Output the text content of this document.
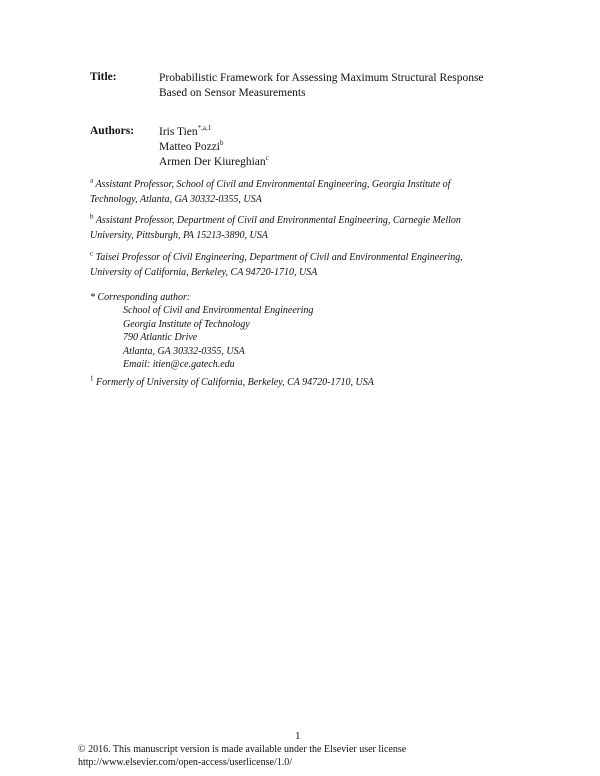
Title:	Probabilistic Framework for Assessing Maximum Structural Response
Based on Sensor Measurements
Authors: Iris Tien$^{*,a,1}$
Matteo Pozzi$^b$
Armen Der Kiureghian$^c$
$^a$ Assistant Professor, School of Civil and Environmental Engineering, Georgia Institute of
Technology, Atlanta, GA 30332-0355, USA
$^b$ Assistant Professor, Department of Civil and Environmental Engineering, Carnegie Mellon
University, Pittsburgh, PA 15213-3890, USA
$^c$ Taisei Professor of Civil Engineering, Department of Civil and Environmental Engineering,
University of California, Berkeley, CA 94720-1710, USA
* Corresponding author:
School of Civil and Environmental Engineering
Georgia Institute of Technology
790 Atlantic Drive
Atlanta, GA 30332-0355, USA
Email: itien@ce.gatech.edu
$^1$ Formerly of University of California, Berkeley, CA 94720-1710, USA
1
© 2016. This manuscript version is made available under the Elsevier user license
http://www.elsevier.com/open-access/userlicense/1.0/
